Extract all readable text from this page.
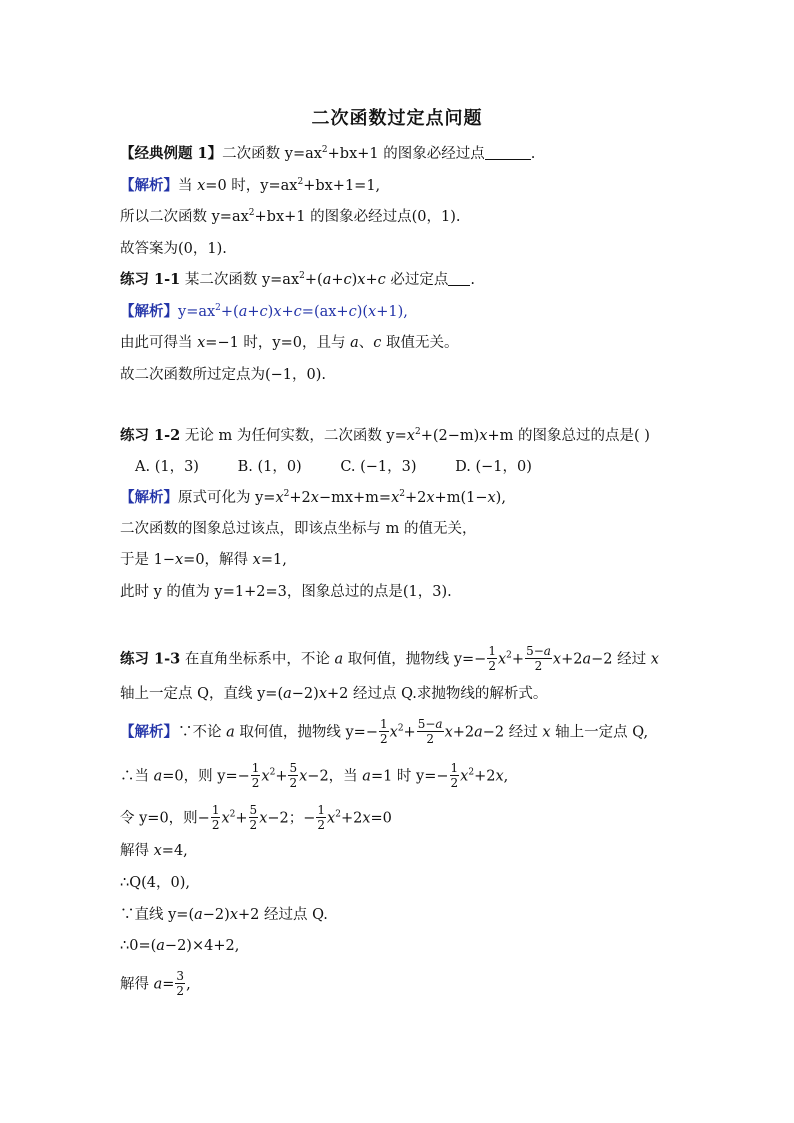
二次函数过定点问题
【经典例题 1】二次函数 $y=ax^2+bx+1$ 的图象必经过点	.
【解析】当 x=0 时，$y=ax^2+bx+1=1$,
所以二次函数 $y=ax^2+bx+1$ 的图象必经过点(0，1).
故答案为(0，1).
练习 1-1 某二次函数 $y=ax^2+(a+c)x+c$ 必过定点 .
【解析】$y=ax^2+(a+c)x+c=(ax+c)(x+1)$,
由此可得当 x=−1 时，y=0，且与 a、c 取值无关。
故二次函数所过定点为(−1，0).
练习 1-2 无论 m 为任何实数，二次函数 $y=x^2+(2-m)x+m$ 的图象总过的点是( )
A. (1，3)	B. (1，0)	C. (−1，3)	D. (−1，0)
【解析】原式可化为 $y=x^2+2x-mx+m=x^2+2x+m(1-x)$,
二次函数的图象总过该点，即该点坐标与 m 的值无关，
于是 1−x=0，解得 x=1,
此时 y 的值为 y=1+2=3，图象总过的点是(1，3).
练习 1-3 在直角坐标系中，不论 a 取何值，抛物线 $y=- \frac{1}{2} x^2+ \frac{5-a}{2} x+2a-2$ 经过 x
轴上一定点 Q，直线 y=(a−2)x+2 经过点 Q.求抛物线的解析式。
【解析】∵不论 a 取何值，抛物线 $y=- \frac{1}{2} x^2+ \frac{5-a}{2} x+2a-2$ 经过 x 轴上一定点 Q,
∴当 a=0，则 $y=- \frac{1}{2} x^2+ \frac{5}{2} x-2$，当 a=1 时 $y=- \frac{1}{2} x^2+2x$,
令 y=0，则− $\frac{1}{2} x^2+ \frac{5}{2} x-2$；− $\frac{1}{2} x^2+2x=0$
解得 x=4,
∴Q(4，0),
∵直线 y=(a−2)x+2 经过点 Q.
∴0=(a−2)×4+2,
解得 $a= \frac{3}{2}$ ,
